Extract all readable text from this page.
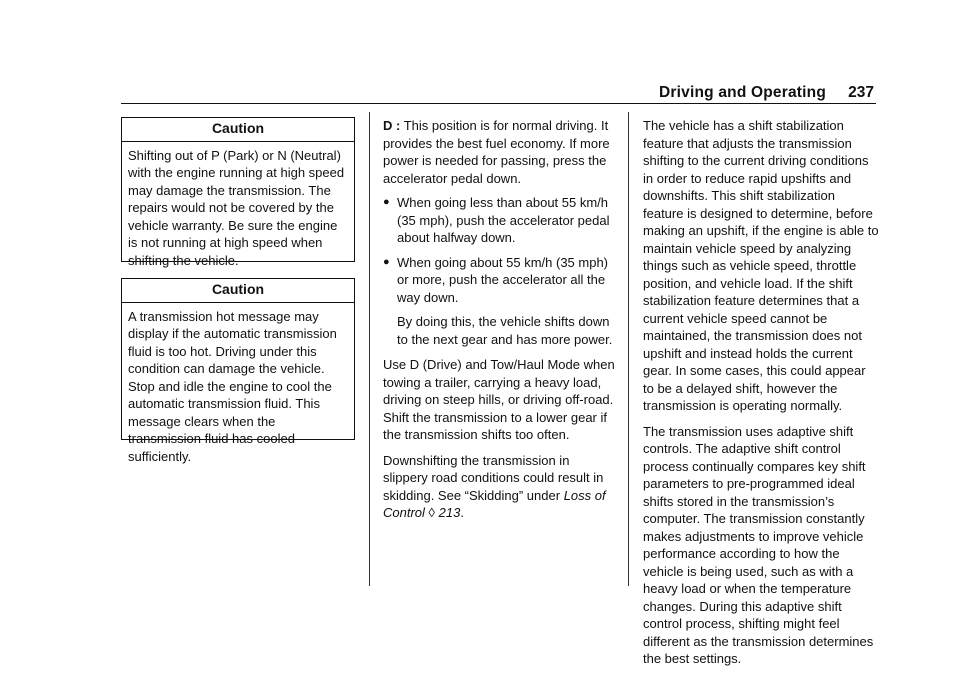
Driving and Operating 237
Caution
Shifting out of P (Park) or N (Neutral) with the engine running at high speed may damage the transmission. The repairs would not be covered by the vehicle warranty. Be sure the engine is not running at high speed when shifting the vehicle.
Caution
A transmission hot message may display if the automatic transmission fluid is too hot. Driving under this condition can damage the vehicle. Stop and idle the engine to cool the automatic transmission fluid. This message clears when the transmission fluid has cooled sufficiently.

D : This position is for normal driving. It provides the best fuel economy. If more power is needed for passing, press the accelerator pedal down.

● When going less than about 55 km/h (35 mph), push the accelerator pedal about halfway down.
● When going about 55 km/h (35 mph) or more, push the accelerator all the way down.
By doing this, the vehicle shifts down to the next gear and has more power.

Use D (Drive) and Tow/Haul Mode when towing a trailer, carrying a heavy load, driving on steep hills, or driving off-road. Shift the transmission to a lower gear if the transmission shifts too often.

Downshifting the transmission in slippery road conditions could result in skidding. See “Skidding” under Loss of Control ◊ 213.

The vehicle has a shift stabilization feature that adjusts the transmission shifting to the current driving conditions in order to reduce rapid upshifts and downshifts. This shift stabilization feature is designed to determine, before making an upshift, if the engine is able to maintain vehicle speed by analyzing things such as vehicle speed, throttle position, and vehicle load. If the shift stabilization feature determines that a current vehicle speed cannot be maintained, the transmission does not upshift and instead holds the current gear. In some cases, this could appear to be a delayed shift, however the transmission is operating normally.

The transmission uses adaptive shift controls. The adaptive shift control process continually compares key shift parameters to pre-programmed ideal shifts stored in the transmission’s computer. The transmission constantly makes adjustments to improve vehicle performance according to how the vehicle is being used, such as with a heavy load or when the temperature changes. During this adaptive shift control process, shifting might feel different as the transmission determines the best settings.
